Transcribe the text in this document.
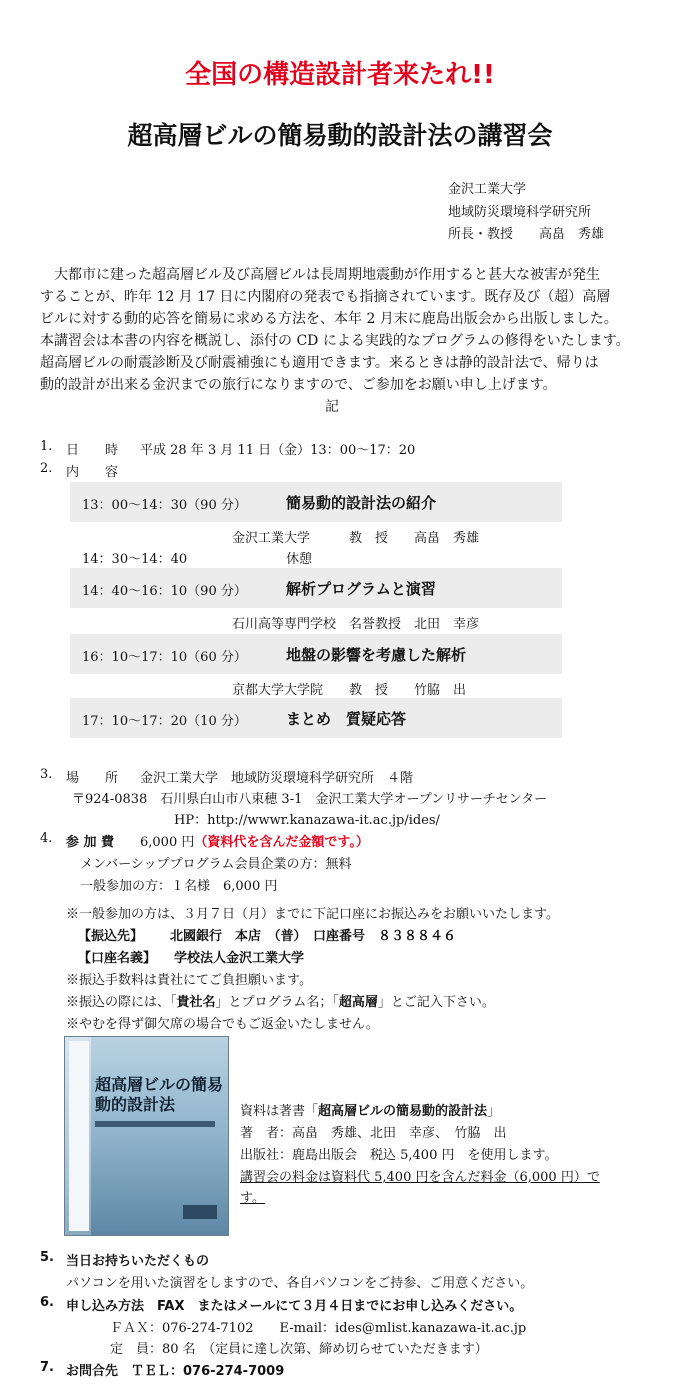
全国の構造設計者来たれ!!
超高層ビルの簡易動的設計法の講習会
金沢工業大学
地域防災環境科学研究所
所長・教授　　高畠　秀雄

　大都市に建った超高層ビル及び高層ビルは長周期地震動が作用すると甚大な被害が発生

することが、昨年 12 月 17 日に内閣府の発表でも指摘されています。既存及び（超）高層

ビルに対する動的応答を簡易に求める方法を、本年 2 月末に鹿島出版会から出版しました。

本講習会は本書の内容を概説し、添付の CD による実践的なプログラムの修得をいたします。

超高層ビルの耐震診断及び耐震補強にも適用できます。来るときは静的設計法で、帰りは

動的設計が出来る金沢までの旅行になりますので、ご参加をお願い申し上げます。

記
1. 日　　時 平成 28 年 3 月 11 日（金）13：00～17：20
2. 内　　容
13：00～14：30（90 分）	簡易動的設計法の紹介
金沢工業大学　　　教　授　　高畠　秀雄
14：30～14：40	休憩
14：40～16：10（90 分）	解析プログラムと演習
石川高等専門学校　名誉教授　北田　幸彦
16：10～17：10（60 分）	地盤の影響を考慮した解析
京都大学大学院　　教　授　　竹脇　出
17：10～17：20（10 分）	まとめ　質疑応答
3. 場　　所 金沢工業大学　地域防災環境科学研究所　４階
〒924-0838　石川県白山市八束穂 3-1　金沢工業大学オープンリサーチセンター
HP：http://wwwr.kanazawa-it.ac.jp/ides/
4. 参 加 費 6,000 円（資料代を含んだ金額です。）
メンバーシッププログラム会員企業の方：無料
一般参加の方：１名様　6,000 円
※一般参加の方は、３月７日（月）までに下記口座にお振込みをお願いいたします。
【振込先】 北國銀行　本店　（普）　口座番号　８３８８４６
【口座名義】 学校法人金沢工業大学
※振込手数料は貴社にてご負担願います。
※振込の際には、「貴社名」とプログラム名；「超高層」とご記入下さい。
※やむを得ず御欠席の場合でもご返金いたしません。
超高層ビルの簡易動的設計法	資料は著書「超高層ビルの簡易動的設計法」
著　者：高畠　秀雄、北田　幸彦、　竹脇　出
出版社：鹿島出版会　税込 5,400 円　を使用します。
講習会の料金は資料代 5,400 円を含んだ料金（6,000 円）で
す。
5. 当日お持ちいただくもの
パソコンを用いた演習をしますので、各自パソコンをご持参、ご用意ください。
6. 申し込み方法　FAX　またはメールにて３月４日までにお申し込みください。
ＦＡＸ：076-274-7102　　E-mail：ides@mlist.kanazawa-it.ac.jp
定　員：80 名　（定員に達し次第、締め切らせていただきます）
7. お問合先　ＴＥＬ：076-274-7009
